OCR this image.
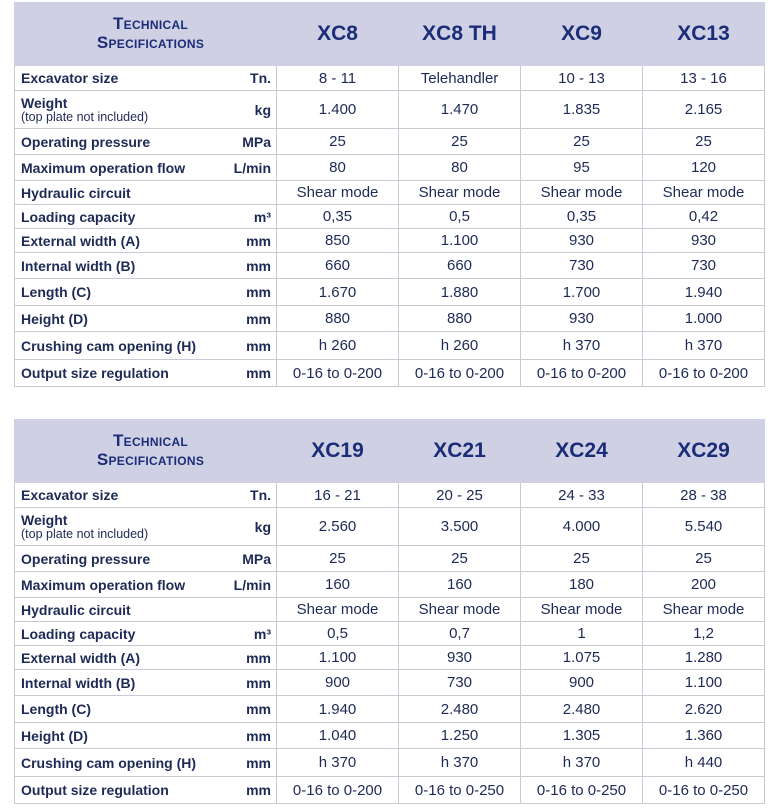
TECHNICAL
SPECIFICATIONS		XC8	XC8 TH	XC9	XC13
Excavator size	Tn.	8 - 11	Telehandler	10 - 13	13 - 16
Weight
(top plate not included)	kg	1.400	1.470	1.835	2.165
Operating pressure	MPa	25	25	25	25
Maximum operation flow	L/min	80	80	95	120
Hydraulic circuit		Shear mode	Shear mode	Shear mode	Shear mode
Loading capacity	m³	0,35	0,5	0,35	0,42
External width (A)	mm	850	1.100	930	930
Internal width (B)	mm	660	660	730	730
Length (C)	mm	1.670	1.880	1.700	1.940
Height (D)	mm	880	880	930	1.000
Crushing cam opening (H)	mm	h 260	h 260	h 370	h 370
Output size regulation	mm	0-16 to 0-200	0-16 to 0-200	0-16 to 0-200	0-16 to 0-200
TECHNICAL
SPECIFICATIONS		XC19	XC21	XC24	XC29
Excavator size	Tn.	16 - 21	20 - 25	24 - 33	28 - 38
Weight
(top plate not included)	kg	2.560	3.500	4.000	5.540
Operating pressure	MPa	25	25	25	25
Maximum operation flow	L/min	160	160	180	200
Hydraulic circuit		Shear mode	Shear mode	Shear mode	Shear mode
Loading capacity	m³	0,5	0,7	1	1,2
External width (A)	mm	1.100	930	1.075	1.280
Internal width (B)	mm	900	730	900	1.100
Length (C)	mm	1.940	2.480	2.480	2.620
Height (D)	mm	1.040	1.250	1.305	1.360
Crushing cam opening (H)	mm	h 370	h 370	h 370	h 440
Output size regulation	mm	0-16 to 0-200	0-16 to 0-250	0-16 to 0-250	0-16 to 0-250
